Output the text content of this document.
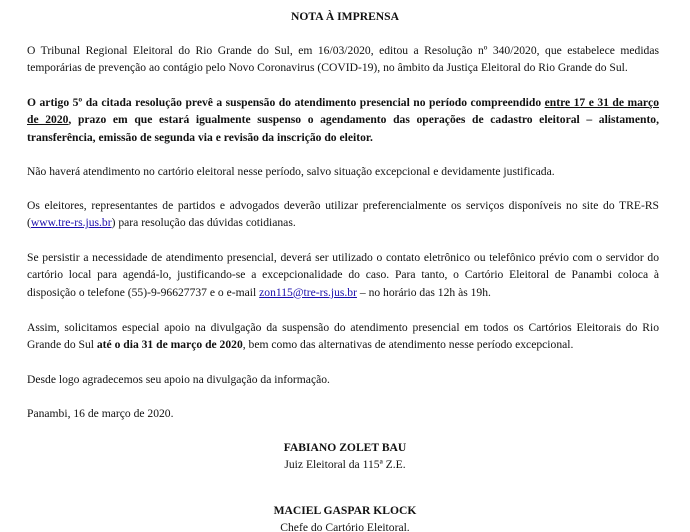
NOTA À IMPRENSA
O Tribunal Regional Eleitoral do Rio Grande do Sul, em 16/03/2020, editou a Resolução nº 340/2020, que estabelece medidas temporárias de prevenção ao contágio pelo Novo Coronavirus (COVID-19), no âmbito da Justiça Eleitoral do Rio Grande do Sul.
O artigo 5º da citada resolução prevê a suspensão do atendimento presencial no período compreendido entre 17 e 31 de março de 2020, prazo em que estará igualmente suspenso o agendamento das operações de cadastro eleitoral – alistamento, transferência, emissão de segunda via e revisão da inscrição do eleitor.
Não haverá atendimento no cartório eleitoral nesse período, salvo situação excepcional e devidamente justificada.
Os eleitores, representantes de partidos e advogados deverão utilizar preferencialmente os serviços disponíveis no site do TRE-RS (www.tre-rs.jus.br) para resolução das dúvidas cotidianas.
Se persistir a necessidade de atendimento presencial, deverá ser utilizado o contato eletrônico ou telefônico prévio com o servidor do cartório local para agendá-lo, justificando-se a excepcionalidade do caso. Para tanto, o Cartório Eleitoral de Panambi coloca à disposição o telefone (55)-9-96627737 e o e-mail zon115@tre-rs.jus.br – no horário das 12h às 19h.
Assim, solicitamos especial apoio na divulgação da suspensão do atendimento presencial em todos os Cartórios Eleitorais do Rio Grande do Sul até o dia 31 de março de 2020, bem como das alternativas de atendimento nesse período excepcional.
Desde logo agradecemos seu apoio na divulgação da informação.
Panambi, 16 de março de 2020.
FABIANO ZOLET BAU
Juiz Eleitoral da 115ª Z.E.
MACIEL GASPAR KLOCK
Chefe do Cartório Eleitoral.
